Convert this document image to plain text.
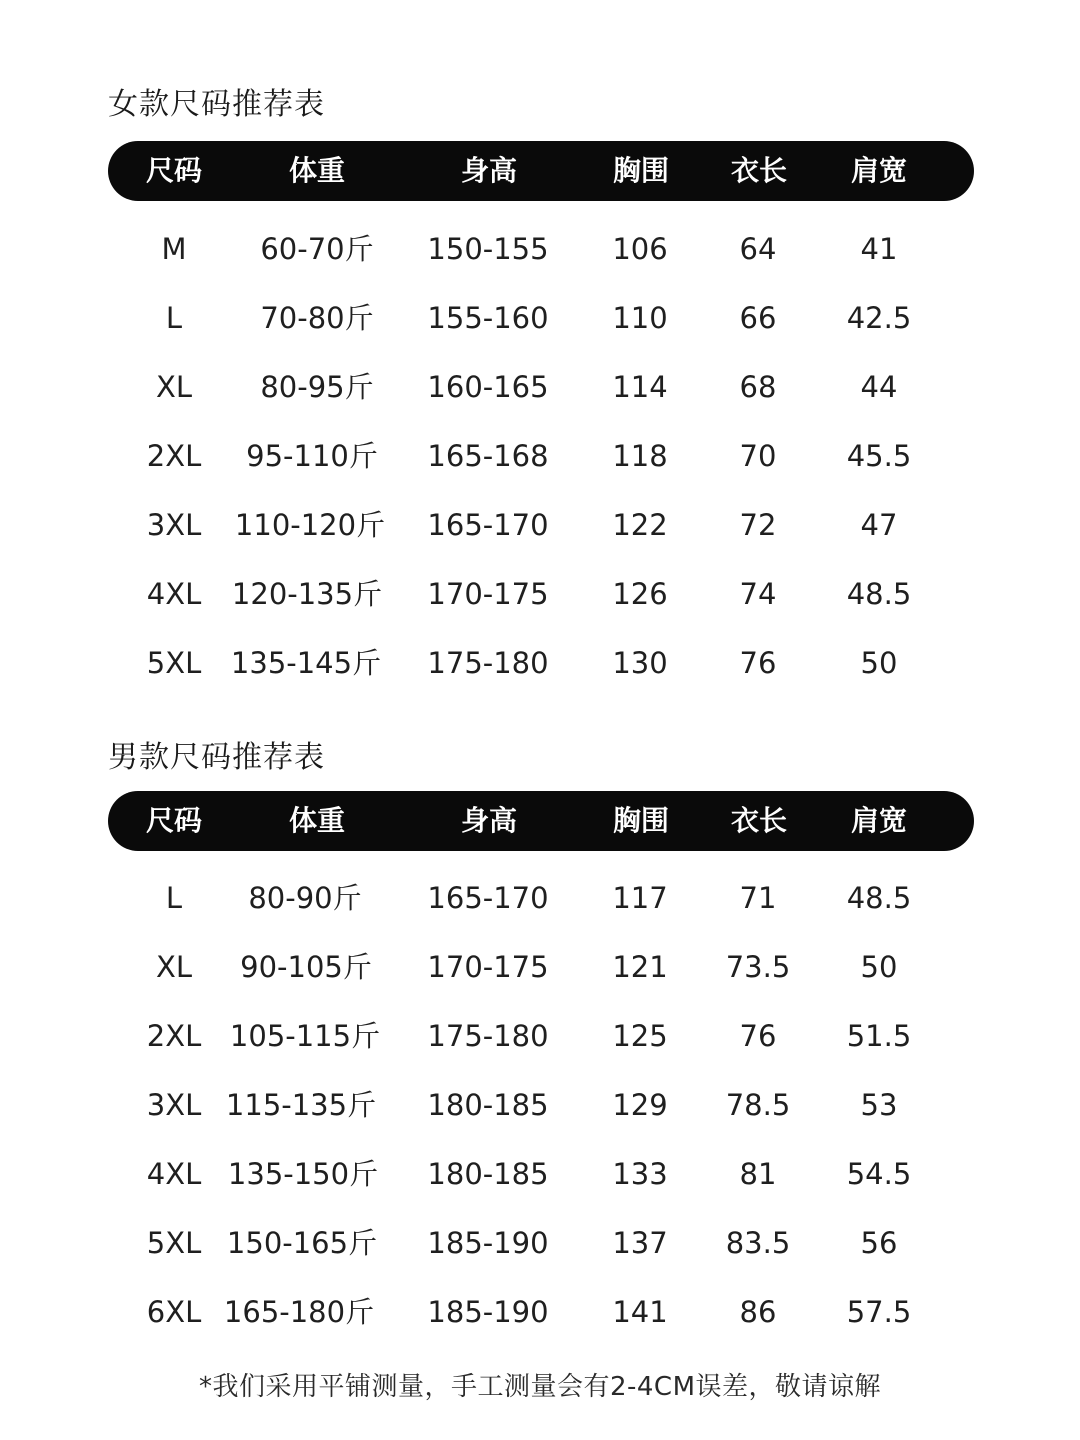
女款尺码推荐表
尺码	体重	身高	胸围 衣长 肩宽
M	60-70斤 150-155 106 64	41
L	70-80斤 155-160 110 66 42.5
XL 80-95斤 160-165 114 68	44
2XL 95-110斤 165-168 118 70 45.5
3XL 110-120斤 165-170 122 72	47
4XL 120-135斤 170-175 126 74 48.5
5XL 135-145斤 175-180 130 76	50
男款尺码推荐表
尺码	体重	身高	胸围 衣长 肩宽
L 80-90斤 165-170 117 71 48.5
XL 90-105斤 170-175 121 73.5 50
2XL 105-115斤 175-180 125 76 51.5
3XL 115-135斤 180-185 129 78.5 53
4XL 135-150斤 180-185 133 81 54.5
5XL 150-165斤 185-190 137 83.5 56
6XL 165-180斤 185-190 141 86 57.5
*我们采用平铺测量，手工测量会有2-4CM误差，敬请谅解
